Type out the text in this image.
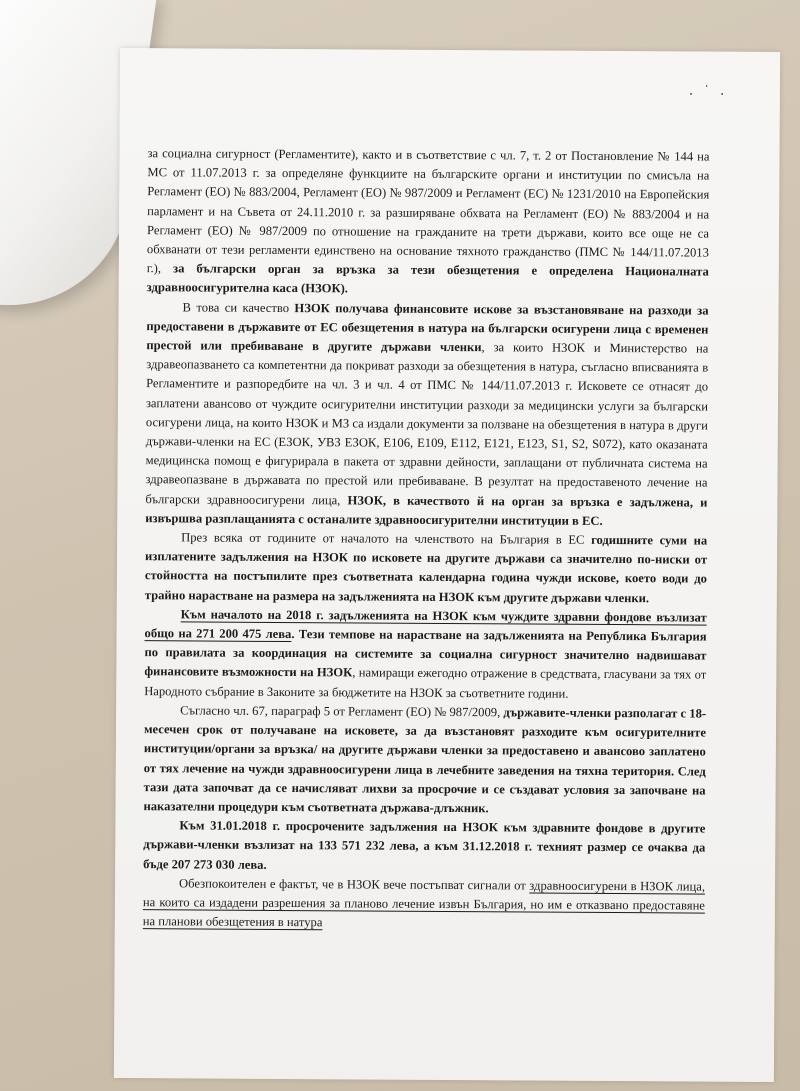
. ˙ .

за социална сигурност (Регламентите), както и в съответствие с чл. 7, т. 2 от Постановление № 144 на МС от 11.07.2013 г. за определяне функциите на българските органи и институции по смисъла на Регламент (ЕО) № 883/2004, Регламент (ЕО) № 987/2009 и Регламент (ЕС) № 1231/2010 на Европейския парламент и на Съвета от 24.11.2010 г. за разширяване обхвата на Регламент (ЕО) № 883/2004 и на Регламент (ЕО) № 987/2009 по отношение на гражданите на трети държави, които все още не са обхванати от тези регламенти единствено на основание тяхното гражданство (ПМС № 144/11.07.2013 г.), за български орган за връзка за тези обезщетения е определена Националната здравноосигурителна каса (НЗОК).

В това си качество НЗОК получава финансовите искове за възстановяване на разходи за предоставени в държавите от ЕС обезщетения в натура на български осигурени лица с временен престой или пребиваване в другите държави членки, за които НЗОК и Министерство на здравеопазването са компетентни да покриват разходи за обезщетения в натура, съгласно вписванията в Регламентите и разпоредбите на чл. 3 и чл. 4 от ПМС № 144/11.07.2013 г. Исковете се отнасят до заплатени авансово от чуждите осигурителни институции разходи за медицински услуги за български осигурени лица, на които НЗОК и МЗ са издали документи за ползване на обезщетения в натура в други държави-членки на ЕС (ЕЗОК, УВЗ ЕЗОК, Е106, Е109, Е112, Е121, Е123, S1, S2, S072), като оказаната медицинска помощ е фигурирала в пакета от здравни дейности, заплащани от публичната система на здравеопазване в държавата по престой или пребиваване. В резултат на предоставеното лечение на български здравноосигурени лица, НЗОК, в качеството й на орган за връзка е задължена, и извършва разплащанията с останалите здравноосигурителни институции в ЕС.

През всяка от годините от началото на членството на България в ЕС годишните суми на изплатените задължения на НЗОК по исковете на другите държави са значително по-ниски от стойността на постъпилите през съответната календарна година чужди искове, което води до трайно нарастване на размера на задълженията на НЗОК към другите държави членки.

Към началото на 2018 г. задълженията на НЗОК към чуждите здравни фондове възлизат общо на 271 200 475 лева. Тези темпове на нарастване на задълженията на Република България по правилата за координация на системите за социална сигурност значително надвишават финансовите възможности на НЗОК, намиращи ежегодно отражение в средствата, гласувани за тях от Народното събрание в Законите за бюджетите на НЗОК за съответните години.

Съгласно чл. 67, параграф 5 от Регламент (ЕО) № 987/2009, държавите-членки разполагат с 18-месечен срок от получаване на исковете, за да възстановят разходите към осигурителните институции/органи за връзка/ на другите държави членки за предоставено и авансово заплатено от тях лечение на чужди здравноосигурени лица в лечебните заведения на тяхна територия. След тази дата започват да се начисляват лихви за просрочие и се създават условия за започване на наказателни процедури към съответната държава-длъжник.

Към 31.01.2018 г. просрочените задължения на НЗОК към здравните фондове в другите държави-членки възлизат на 133 571 232 лева, а към 31.12.2018 г. техният размер се очаква да бъде 207 273 030 лева.

Обезпокоителен е фактът, че в НЗОК вече постъпват сигнали от здравноосигурени в НЗОК лица, на които са издадени разрешения за планово лечение извън България, но им е отказвано предоставяне на планови обезщетения в натура
